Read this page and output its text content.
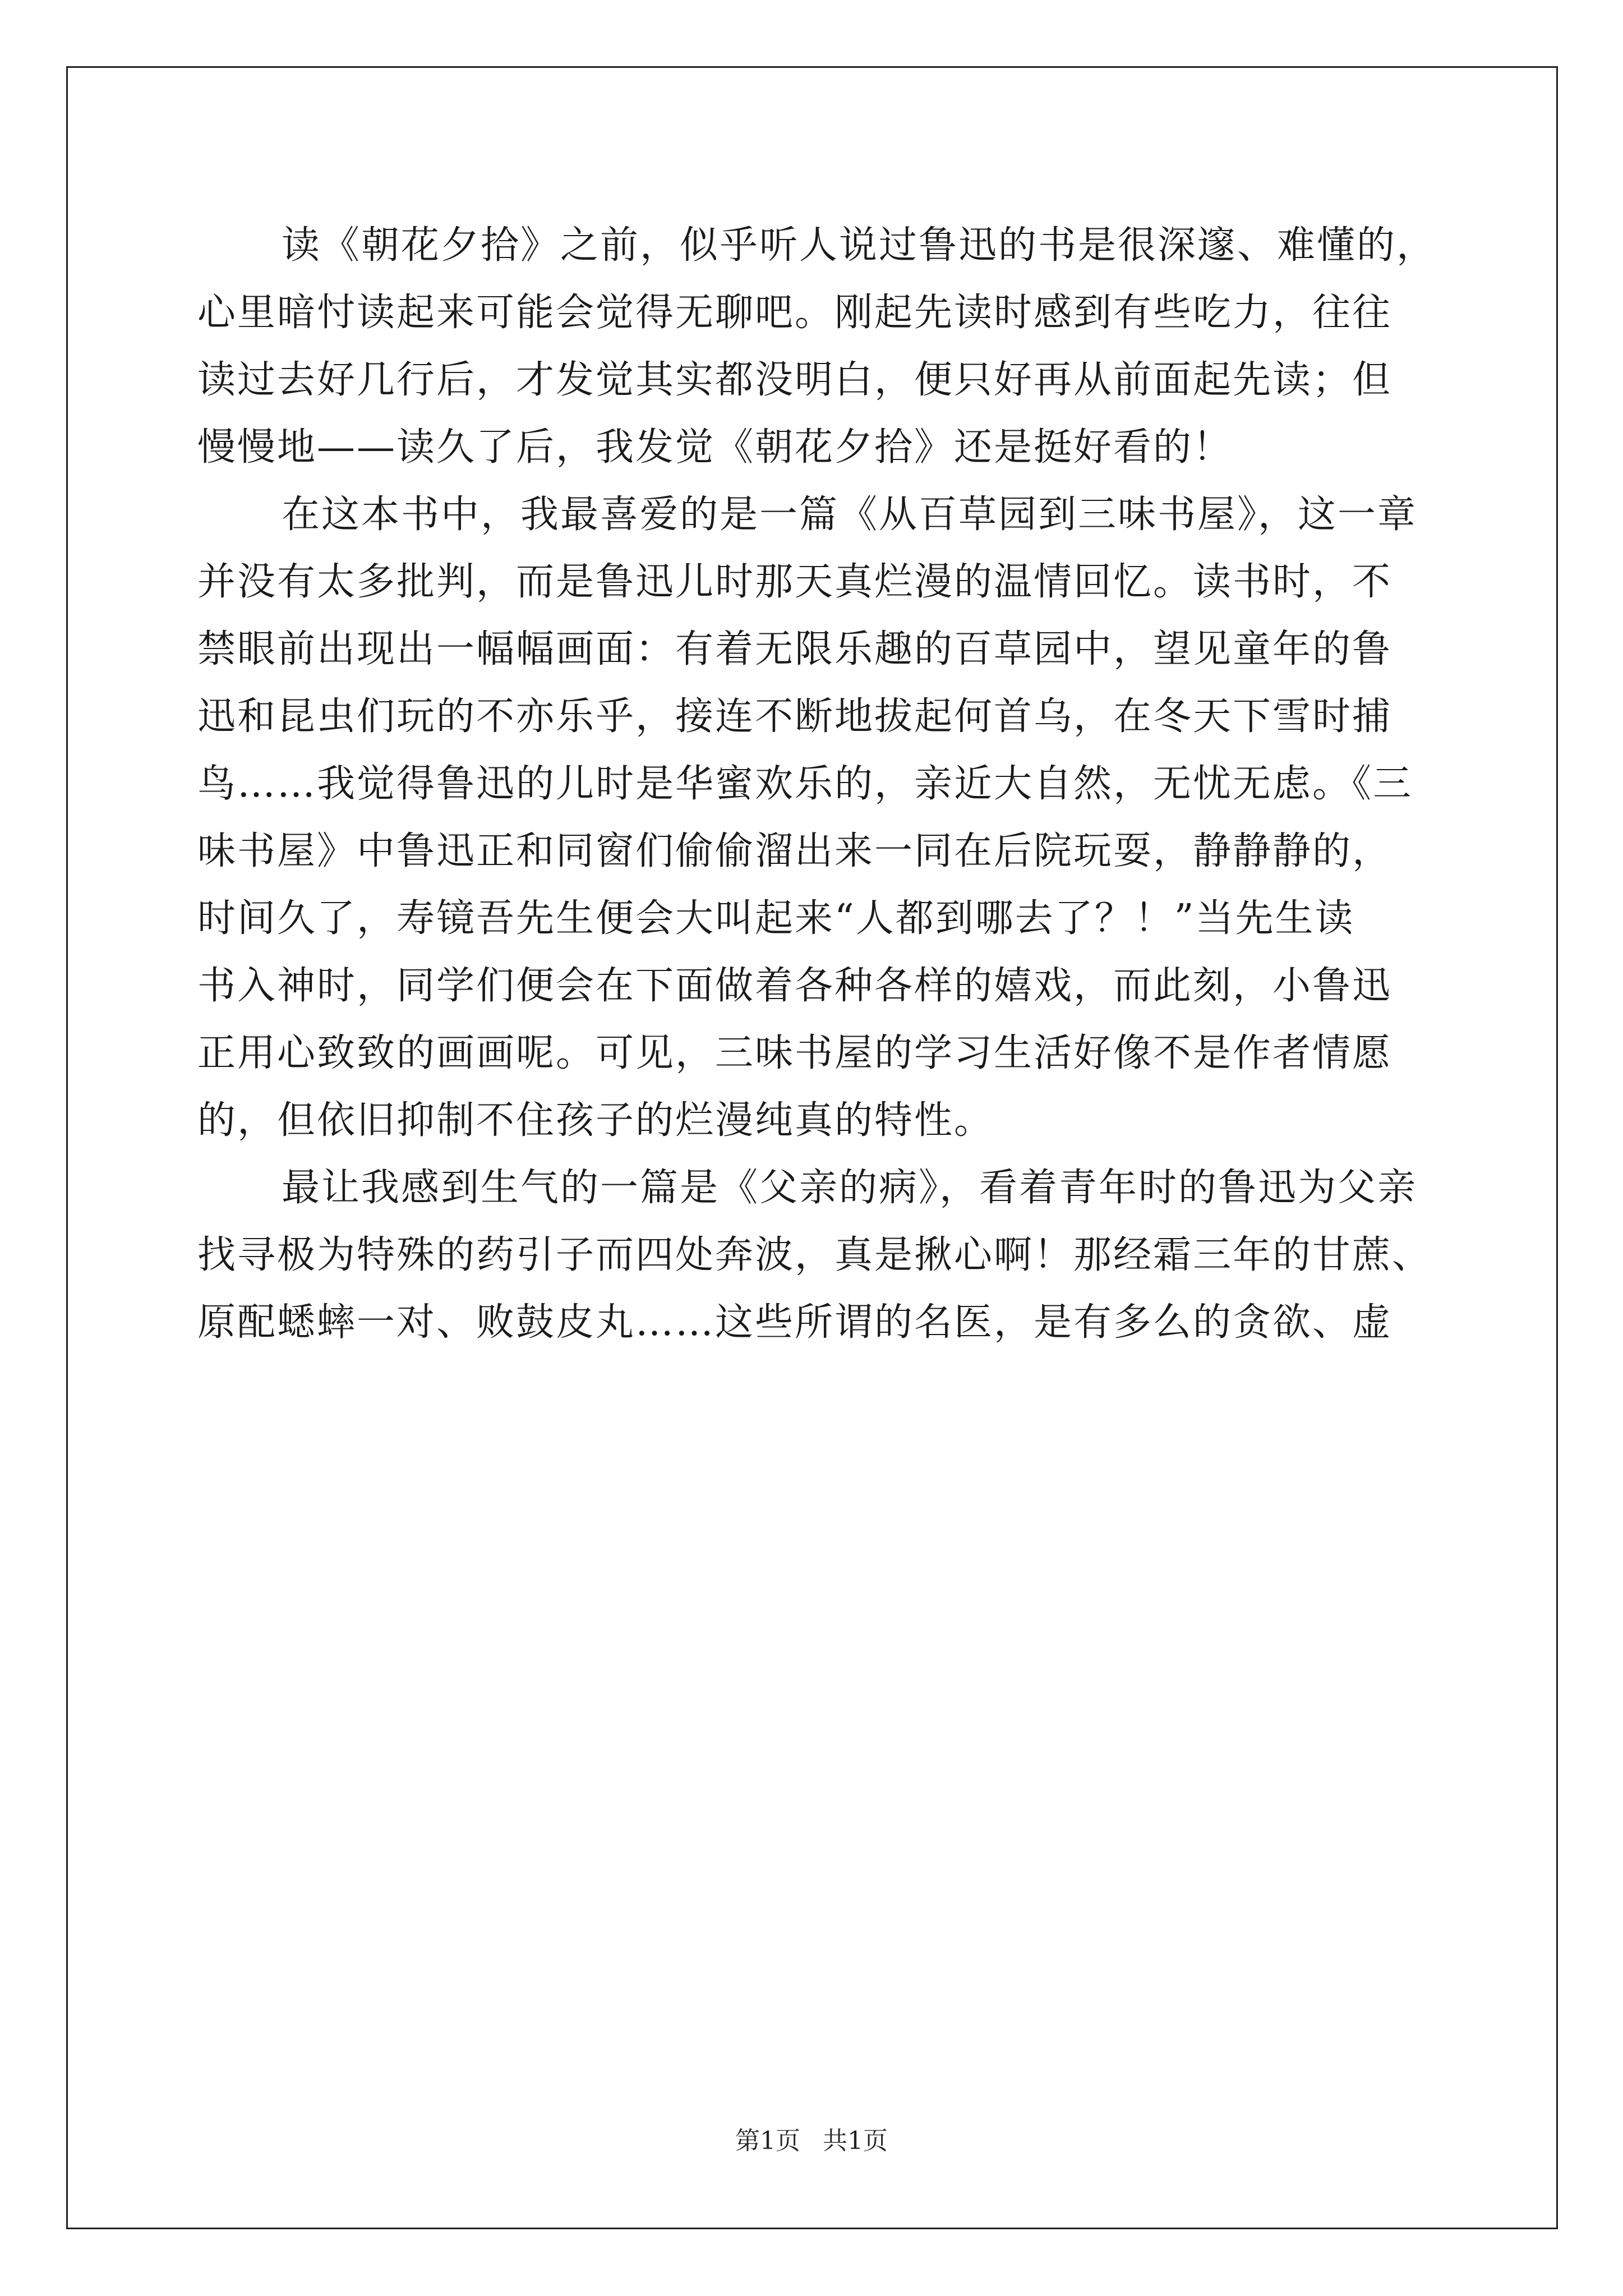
读《朝花夕拾》之前，似乎听人说过鲁迅的书是很深邃、难懂的，
心里暗忖读起来可能会觉得无聊吧。刚起先读时感到有些吃力，往往
读过去好几行后，才发觉其实都没明白，便只好再从前面起先读；但
慢慢地——读久了后，我发觉《朝花夕拾》还是挺好看的！
在这本书中，我最喜爱的是一篇《从百草园到三味书屋》，这一章
并没有太多批判，而是鲁迅儿时那天真烂漫的温情回忆。读书时，不
禁眼前出现出一幅幅画面：有着无限乐趣的百草园中，望见童年的鲁
迅和昆虫们玩的不亦乐乎，接连不断地拔起何首乌，在冬天下雪时捕
鸟……我觉得鲁迅的儿时是华蜜欢乐的，亲近大自然，无忧无虑。《三
味书屋》中鲁迅正和同窗们偷偷溜出来一同在后院玩耍，静静静的，
时间久了，寿镜吾先生便会大叫起来“人都到哪去了？！”当先生读
书入神时，同学们便会在下面做着各种各样的嬉戏，而此刻，小鲁迅
正用心致致的画画呢。可见，三味书屋的学习生活好像不是作者情愿
的，但依旧抑制不住孩子的烂漫纯真的特性。
最让我感到生气的一篇是《父亲的病》，看着青年时的鲁迅为父亲
找寻极为特殊的药引子而四处奔波，真是揪心啊！那经霜三年的甘蔗、
原配蟋蟀一对、败鼓皮丸……这些所谓的名医，是有多么的贪欲、虚
第1页 共1页
